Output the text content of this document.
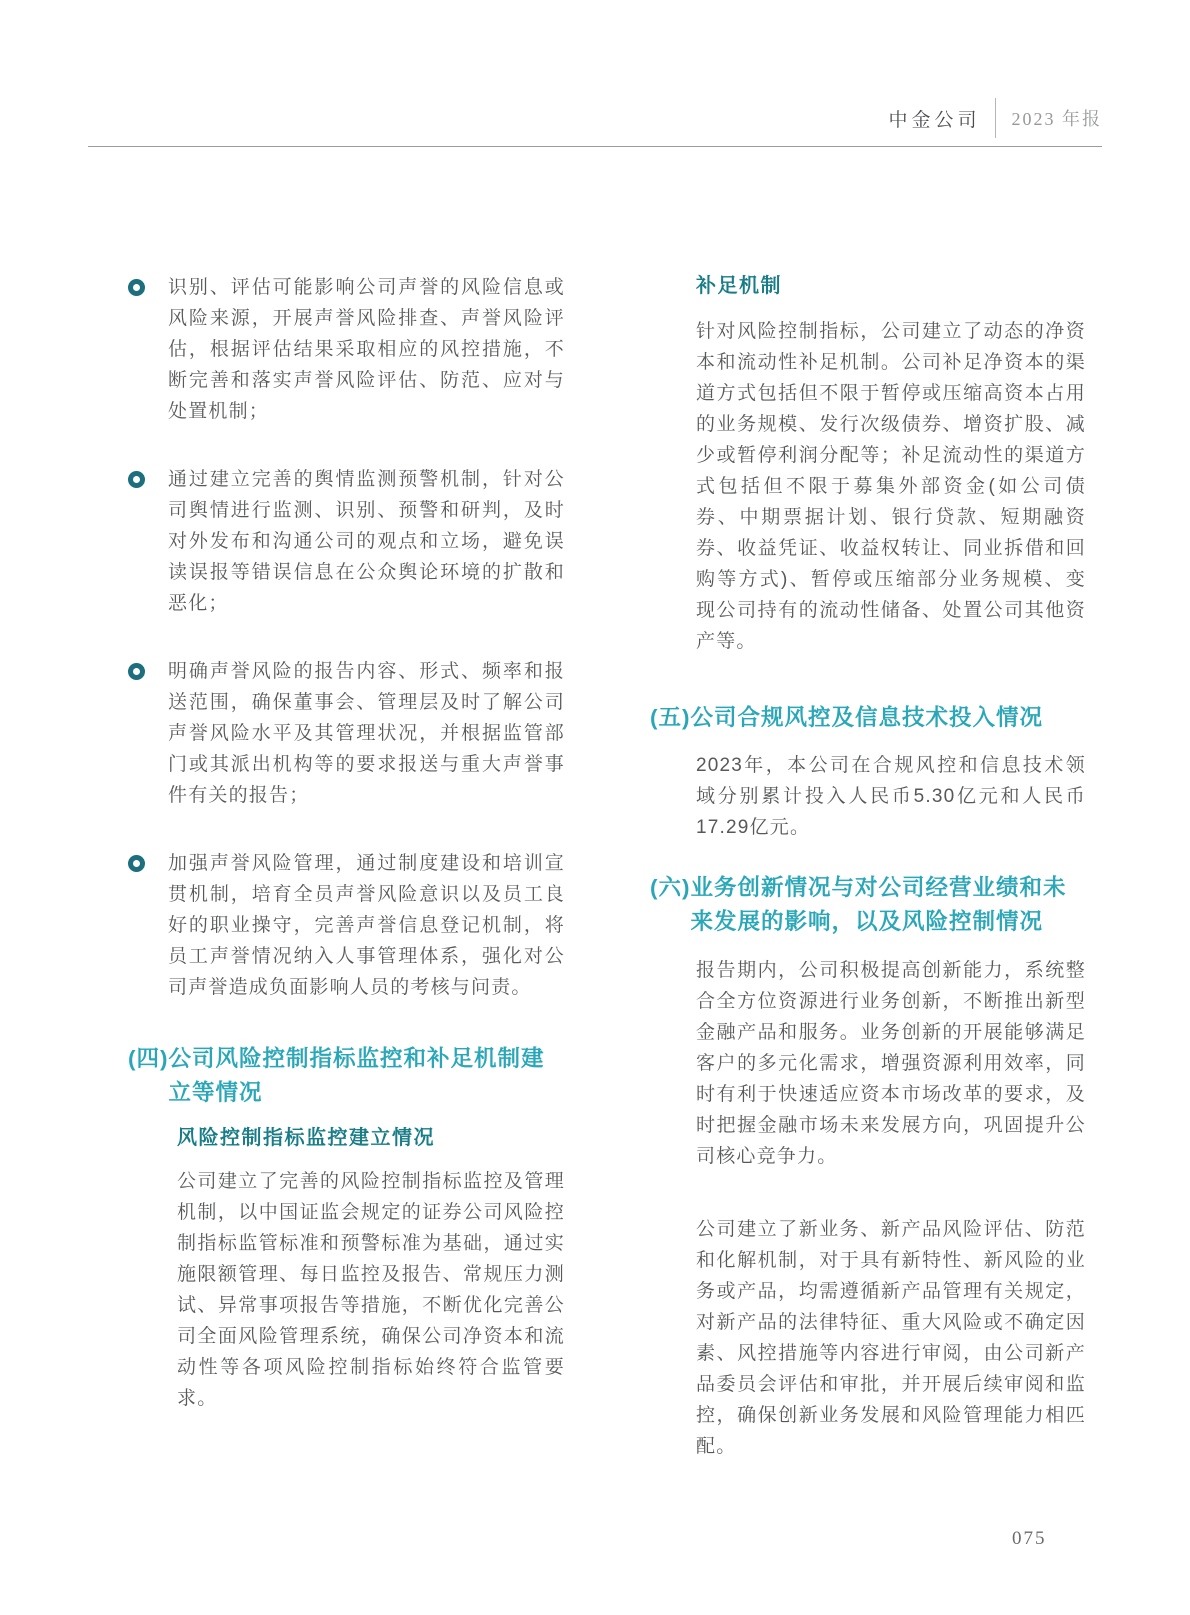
中金公司	2023 年报

识别、评估可能影响公司声誉的风险信息或风险来源，开展声誉风险排查、声誉风险评估，根据评估结果采取相应的风控措施，不断完善和落实声誉风险评估、防范、应对与处置机制；

通过建立完善的舆情监测预警机制，针对公司舆情进行监测、识别、预警和研判，及时对外发布和沟通公司的观点和立场，避免误读误报等错误信息在公众舆论环境的扩散和恶化；

明确声誉风险的报告内容、形式、频率和报送范围，确保董事会、管理层及时了解公司声誉风险水平及其管理状况，并根据监管部门或其派出机构等的要求报送与重大声誉事件有关的报告；

加强声誉风险管理，通过制度建设和培训宣贯机制，培育全员声誉风险意识以及员工良好的职业操守，完善声誉信息登记机制，将员工声誉情况纳入人事管理体系，强化对公司声誉造成负面影响人员的考核与问责。

(四) 公司风险控制指标监控和补足机制建立等情况
风险控制指标监控建立情况

公司建立了完善的风险控制指标监控及管理机制，以中国证监会规定的证券公司风险控制指标监管标准和预警标准为基础，通过实施限额管理、每日监控及报告、常规压力测试、异常事项报告等措施，不断优化完善公司全面风险管理系统，确保公司净资本和流动性等各项风险控制指标始终符合监管要求。

补足机制

针对风险控制指标，公司建立了动态的净资本和流动性补足机制。公司补足净资本的渠道方式包括但不限于暂停或压缩高资本占用的业务规模、发行次级债券、增资扩股、减少或暂停利润分配等；补足流动性的渠道方式包括但不限于募集外部资金(如公司债券、中期票据计划、银行贷款、短期融资券、收益凭证、收益权转让、同业拆借和回购等方式)、暂停或压缩部分业务规模、变现公司持有的流动性储备、处置公司其他资产等。

(五) 公司合规风控及信息技术投入情况

2023年，本公司在合规风控和信息技术领域分别累计投入人民币5.30亿元和人民币17.29亿元。

(六) 业务创新情况与对公司经营业绩和未来发展的影响，以及风险控制情况

报告期内，公司积极提高创新能力，系统整合全方位资源进行业务创新，不断推出新型金融产品和服务。业务创新的开展能够满足客户的多元化需求，增强资源利用效率，同时有利于快速适应资本市场改革的要求，及时把握金融市场未来发展方向，巩固提升公司核心竞争力。

公司建立了新业务、新产品风险评估、防范和化解机制，对于具有新特性、新风险的业务或产品，均需遵循新产品管理有关规定，对新产品的法律特征、重大风险或不确定因素、风控措施等内容进行审阅，由公司新产品委员会评估和审批，并开展后续审阅和监控，确保创新业务发展和风险管理能力相匹配。

075
